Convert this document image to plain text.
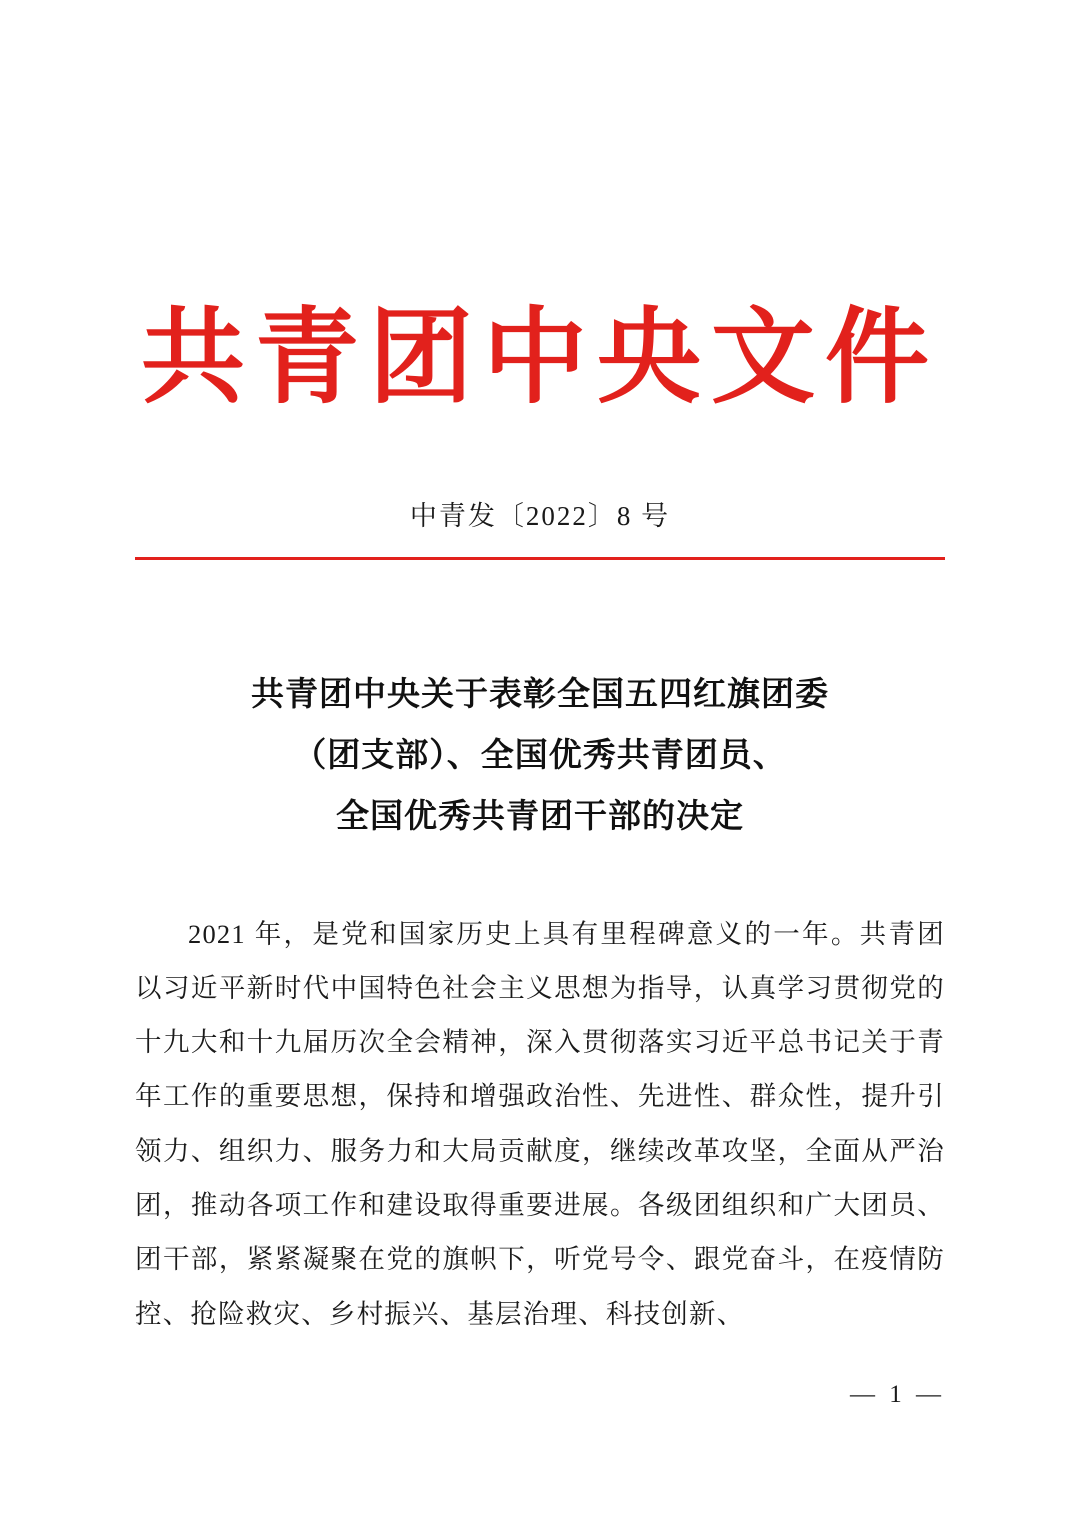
共青团中央文件
中青发〔2022〕8 号
共青团中央关于表彰全国五四红旗团委
（团支部）、全国优秀共青团员、
全国优秀共青团干部的决定

2021 年，是党和国家历史上具有里程碑意义的一年。共青团以习近平新时代中国特色社会主义思想为指导，认真学习贯彻党的十九大和十九届历次全会精神，深入贯彻落实习近平总书记关于青年工作的重要思想，保持和增强政治性、先进性、群众性，提升引领力、组织力、服务力和大局贡献度，继续改革攻坚，全面从严治团，推动各项工作和建设取得重要进展。各级团组织和广大团员、团干部，紧紧凝聚在党的旗帜下，听党号令、跟党奋斗，在疫情防控、抢险救灾、乡村振兴、基层治理、科技创新、

— 1 —
